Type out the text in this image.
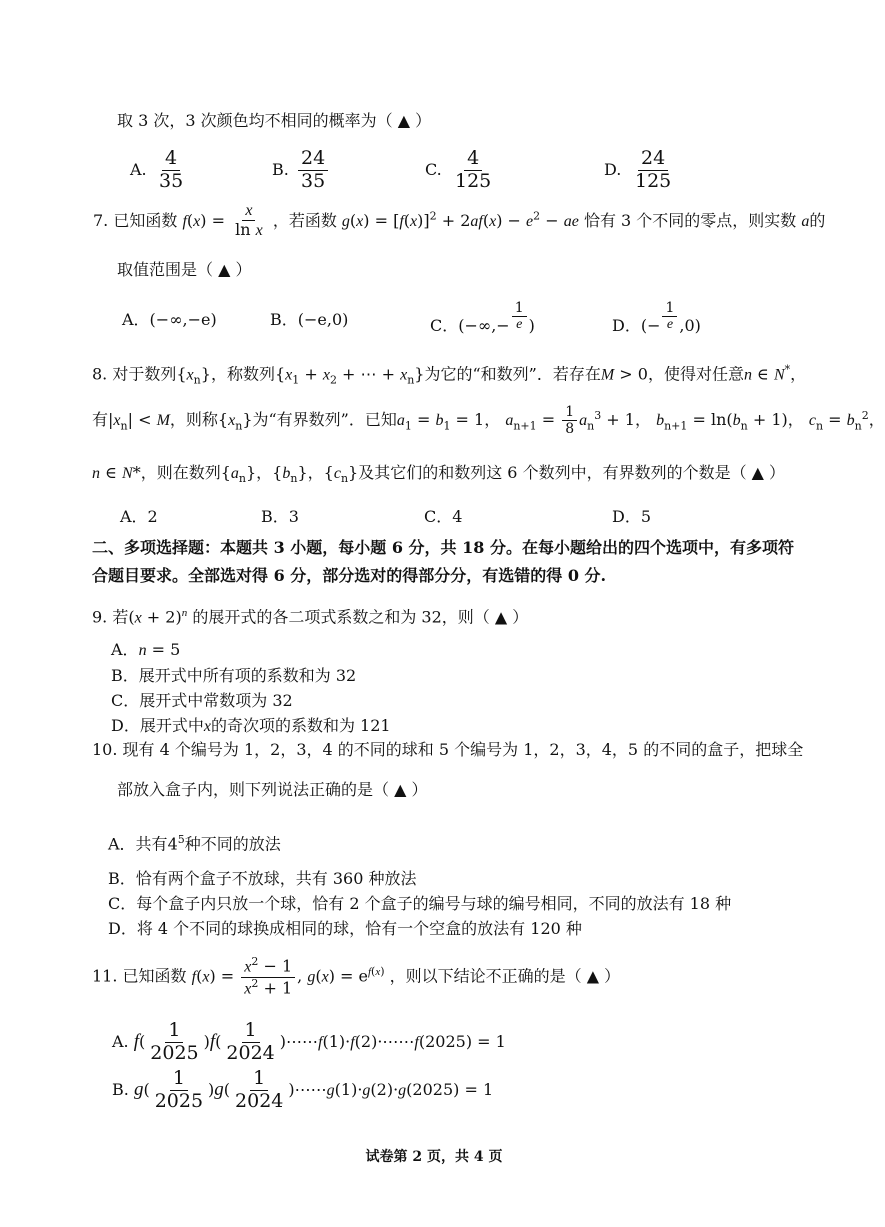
取 3 次，3 次颜色均不相同的概率为（ ▲ ）
A. $\frac{4}{35}$	B. $\frac{24}{35}$	C. $\frac{4}{125}$	D. $\frac{24}{125}$
7. 已知函数 $f(x) = \frac{x}{\text{ln x}}$ ，若函数 $g(x) = [f(x)]^2 + 2af(x) - e^2$ − ae 恰有 3 个不同的零点，则实数 a的
取值范围是（ ▲ ）
A．(−∞,−e)	B．(−e,0)	C．(−∞,− $\frac{1}{e}$ )	D．(− $\frac{1}{e} ,0$)
8. 对于数列$\{x_n\}$，称数列{$x_1 + x_2$ + ⋯ + $x_n$}为它的“和数列”．若存在M > 0，使得对任意n ∈ N*，
有$|x_n| < M$，则称$\{x_n\}$为“有界数列”．已知$a_1 = b_1 = 1$， $a_{n+1} = \frac{1}{8} a_n^3 + 1$， $b_{n+1} = \ln(b_n + 1)$， $c_n = b_n^2$，
n ∈ N*，则在数列$\{a_n\}$，$\{b_n\}$，$\{c_n\}$及其它们的和数列这 6 个数列中，有界数列的个数是（ ▲ ）
A．2	B．3	C．4	D．5
二、多项选择题：本题共 3 小题，每小题 6 分，共 18 分。在每小题给出的四个选项中，有多项符
合题目要求。全部选对得 6 分，部分选对的得部分分，有选错的得 0 分.
9. 若$(x + 2)^n$ 的展开式的各二项式系数之和为 32，则（ ▲ ）
A．n = 5
B．展开式中所有项的系数和为 32
C．展开式中常数项为 32
D．展开式中x的奇次项的系数和为 121
10. 现有 4 个编号为 1，2，3，4 的不同的球和 5 个编号为 1，2，3，4，5 的不同的盒子，把球全
部放入盒子内，则下列说法正确的是（ ▲ ）
A．共有$4^5$种不同的放法
B．恰有两个盒子不放球，共有 360 种放法
C．每个盒子内只放一个球，恰有 2 个盒子的编号与球的编号相同，不同的放法有 18 种
D．将 4 个不同的球换成相同的球，恰有一个空盒的放法有 120 种
11. 已知函数 $f(x) = \frac{x^2 - 1}{x^2 + 1}$ , $g(x) = e^{f(x)}$ ，则以下结论不正确的是（ ▲ ）
A. $f( \frac{1}{2025} )f( \frac{1}{2024}$ )⋯⋯f(1)·f(2)·⋯⋯f(2025) = 1
B. $g( \frac{1}{2025} )g( \frac{1}{2024}$ )⋯⋯g(1)·g(2)·g(2025) = 1
试卷第 2 页，共 4 页
